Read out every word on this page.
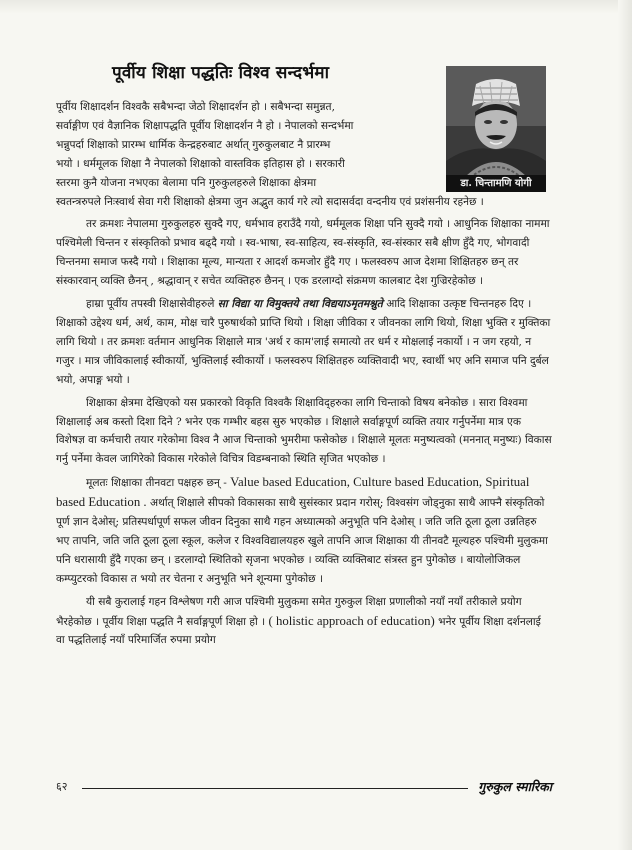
पूर्वीय शिक्षा पद्धतिः विश्व सन्दर्भमा
डा. चिन्तामणि योगी
पूर्वीय शिक्षादर्शन विश्वकै सबैभन्दा जेठो शिक्षादर्शन हो । सबैभन्दा समुन्नत,
सर्वाङ्गीण एवं वैज्ञानिक शिक्षापद्धति पूर्वीय शिक्षादर्शन नै हो । नेपालको सन्दर्भमा
भन्नुपर्दा शिक्षाको प्रारम्भ धार्मिक केन्द्रहरुबाट अर्थात् गुरुकुलबाट नै प्रारम्भ
भयो । धर्ममूलक शिक्षा नै नेपालको शिक्षाको वास्तविक इतिहास हो । सरकारी
स्तरमा कुनै योजना नभएका बेलामा पनि गुरुकुलहरुले शिक्षाका क्षेत्रमा

स्वतन्त्ररुपले निःस्वार्थ सेवा गरी शिक्षाको क्षेत्रमा जुन अद्भुत कार्य गरे त्यो सदासर्वदा वन्दनीय एवं प्रशंसनीय रहनेछ ।

तर क्रमशः नेपालमा गुरुकुलहरु सुक्दै गए, धर्मभाव हराउँदै गयो, धर्ममूलक शिक्षा पनि सुक्दै गयो । आधुनिक शिक्षाका नाममा पश्चिमेली चिन्तन र संस्कृतिको प्रभाव बढ्दै गयो । स्व-भाषा, स्व-साहित्य, स्व-संस्कृति, स्व-संस्कार सबै क्षीण हुँदै गए, भोगवादी चिन्तनमा समाज फस्दै गयो । शिक्षाका मूल्य, मान्यता र आदर्श कमजोर हुँदै गए । फलस्वरुप आज देशमा शिक्षितहरु छन् तर संस्कारवान् व्यक्ति छैनन् , श्रद्धावान् र सचेत व्यक्तिहरु छैनन् । एक डरलाग्दो संक्रमण कालबाट देश गुज्रिरहेकोछ ।

हाम्रा पूर्वीय तपस्वी शिक्षासेवीहरुले सा विद्या या विमुक्तये तथा विद्ययाऽमृतमश्नुते आदि शिक्षाका उत्कृष्ट चिन्तनहरु दिए । शिक्षाको उद्देश्य धर्म, अर्थ, काम, मोक्ष चारै पुरुषार्थको प्राप्ति थियो । शिक्षा जीविका र जीवनका लागि थियो, शिक्षा भुक्ति र मुक्तिका लागि थियो । तर क्रमशः वर्तमान आधुनिक शिक्षाले मात्र 'अर्थ र काम'लाई समात्यो तर धर्म र मोक्षलाई नकार्यो । न जग रहयो, न गजुर । मात्र जीविकालाई स्वीकार्यो, भुक्तिलाई स्वीकार्यो । फलस्वरुप शिक्षितहरु व्यक्तिवादी भए, स्वार्थी भए अनि समाज पनि दुर्बल भयो, अपाङ्ग भयो ।

शिक्षाका क्षेत्रमा देखिएको यस प्रकारको विकृति विश्वकै शिक्षाविद्हरुका लागि चिन्ताको विषय बनेकोछ । सारा विश्वमा शिक्षालाई अब कस्तो दिशा दिने ? भनेर एक गम्भीर बहस सुरु भएकोछ । शिक्षाले सर्वाङ्गपूर्ण व्यक्ति तयार गर्नुपर्नेमा मात्र एक विशेषज्ञ वा कर्मचारी तयार गरेकोमा विश्व नै आज चिन्ताको भुमरीमा फसेकोछ । शिक्षाले मूलतः मनुष्यत्वको (मननात् मनुष्यः) विकास गर्नु पर्नेमा केवल जागिरेको विकास गरेकोले विचित्र विडम्बनाको स्थिति सृजित भएकोछ ।

मूलतः शिक्षाका तीनवटा पक्षहरु छन् - Value based Education, Culture based Education, Spiritual based Education . अर्थात् शिक्षाले सीपको विकासका साथै सुसंस्कार प्रदान गरोस्; विश्वसंग जोड्नुका साथै आफ्नै संस्कृतिको पूर्ण ज्ञान देओस्; प्रतिस्पर्धापूर्ण सफल जीवन दिनुका साथै गहन अध्यात्मको अनुभूति पनि देओस् । जति जति ठूला ठूला उन्नतिहरु भए तापनि, जति जति ठूला ठूला स्कूल, कलेज र विश्वविद्यालयहरु खुले तापनि आज शिक्षाका यी तीनवटै मूल्यहरु पश्चिमी मुलुकमा पनि धरासायी हुँदै गएका छन् । डरलाग्दो स्थितिको सृजना भएकोछ । व्यक्ति व्यक्तिबाट संत्रस्त हुन पुगेकोछ । बायोलोजिकल कम्प्युटरको विकास त भयो तर चेतना र अनुभूति भने शून्यमा पुगेकोछ ।

यी सबै कुरालाई गहन विश्लेषण गरी आज पश्चिमी मुलुकमा समेत गुरुकुल शिक्षा प्रणालीको नयाँ नयाँ तरीकाले प्रयोग भैरहेकोछ । पूर्वीय शिक्षा पद्धति नै सर्वाङ्गपूर्ण शिक्षा हो । ( holistic approach of education) भनेर पूर्वीय शिक्षा दर्शनलाई वा पद्धतिलाई नयाँ परिमार्जित रुपमा प्रयोग

६२	गुरुकुल स्मारिका
